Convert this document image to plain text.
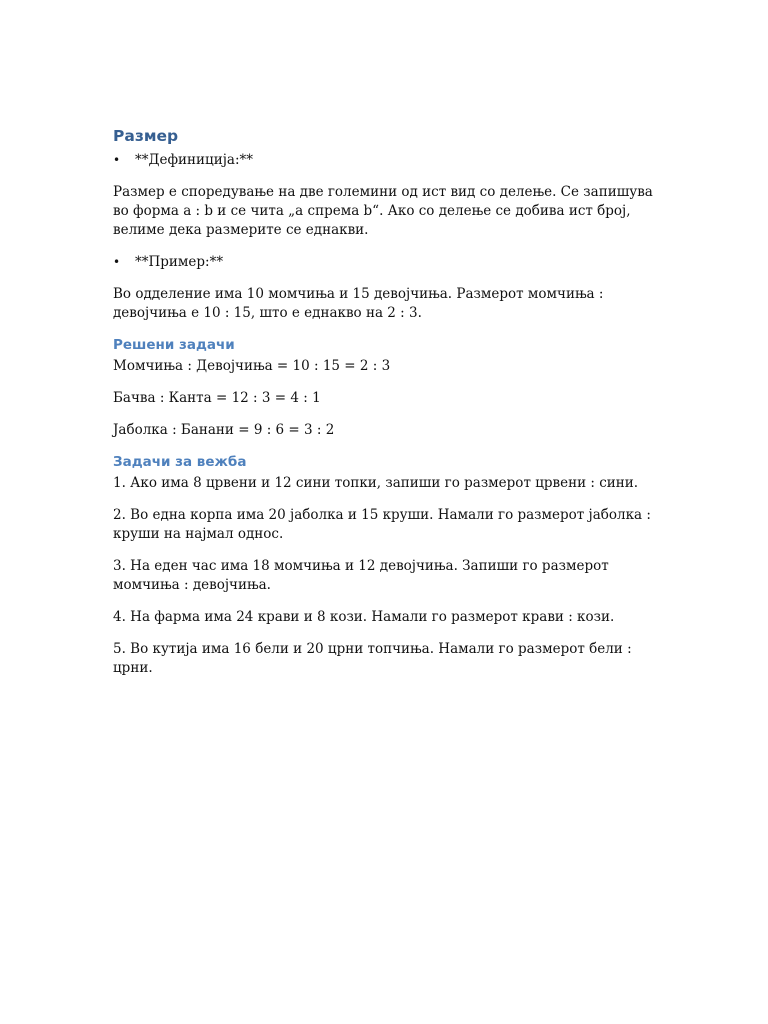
Размер
•	**Дефиниција:**

Размер е споредување на две големини од ист вид со делење. Се запишува во форма a : b и се чита „a спрема b“. Ако со делење се добива ист број, велиме дека размерите се еднакви.

•	**Пример:**

Во одделение има 10 момчиња и 15 девојчиња. Размерот момчиња : девојчиња е 10 : 15, што е еднакво на 2 : 3.

Решени задачи

Момчиња : Девојчиња = 10 : 15 = 2 : 3

Бачва : Канта = 12 : 3 = 4 : 1

Јаболка : Банани = 9 : 6 = 3 : 2

Задачи за вежба

1. Ако има 8 црвени и 12 сини топки, запиши го размерот црвени : сини.

2. Во една корпа има 20 јаболка и 15 круши. Намали го размерот јаболка : круши на најмал однос.

3. На еден час има 18 момчиња и 12 девојчиња. Запиши го размерот момчиња : девојчиња.

4. На фарма има 24 крави и 8 кози. Намали го размерот крави : кози.

5. Во кутија има 16 бели и 20 црни топчиња. Намали го размерот бели : црни.
